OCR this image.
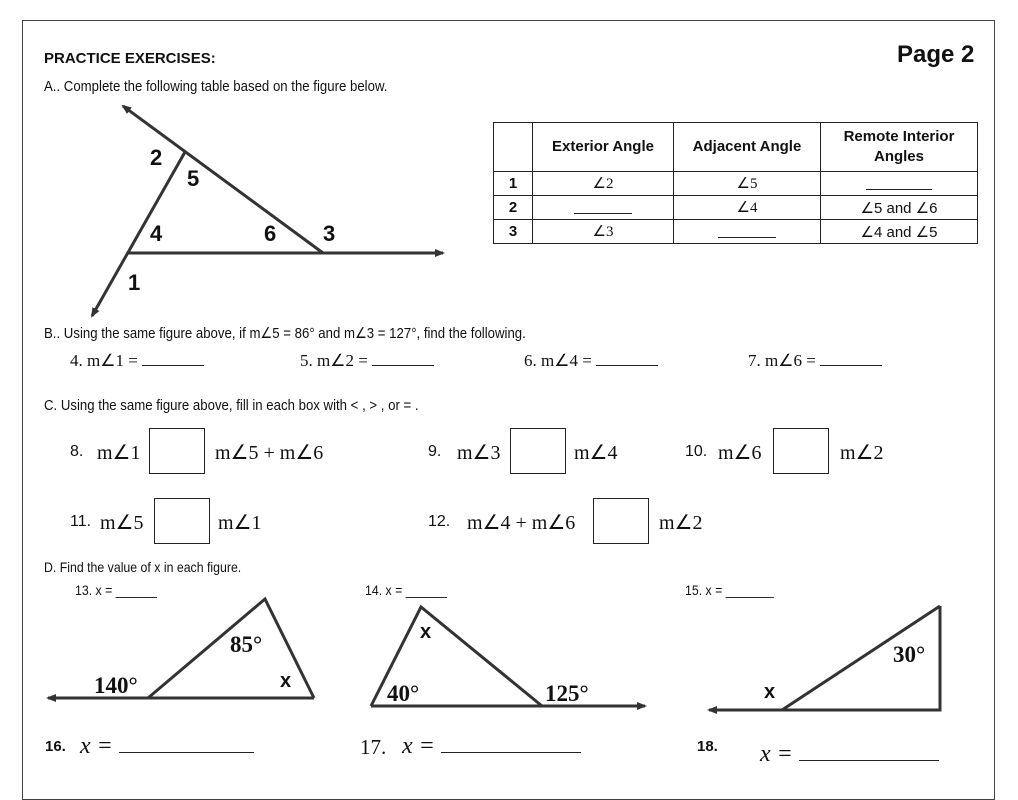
PRACTICE EXERCISES:	Page 2
A.. Complete the following table based on the figure below.
2
5
4	6 3
1
85°
x
140°
x
40°	125°
30°
x
	Exterior Angle	Adjacent Angle	Remote Interior Angles
1	∠2	∠5	
2		∠4	∠5 and ∠6
3	∠3		∠4 and ∠5
B.. Using the same figure above, if m∠5 = 86° and m∠3 = 127°, find the following.
4. m∠1 =	5. m∠2 =	6. m∠4 =	7. m∠6 =
C. Using the same figure above, fill in each box with < , > , or = .
8. m∠1	m∠5 + m∠6	9. m∠3	m∠4	10. m∠6	m∠2
11. m∠5	m∠1	12. m∠4 + m∠6	m∠2
D. Find the value of x in each figure.
13. x = ______	14. x = ______	15. x = _______
16. x =	17. x =	18. x =
